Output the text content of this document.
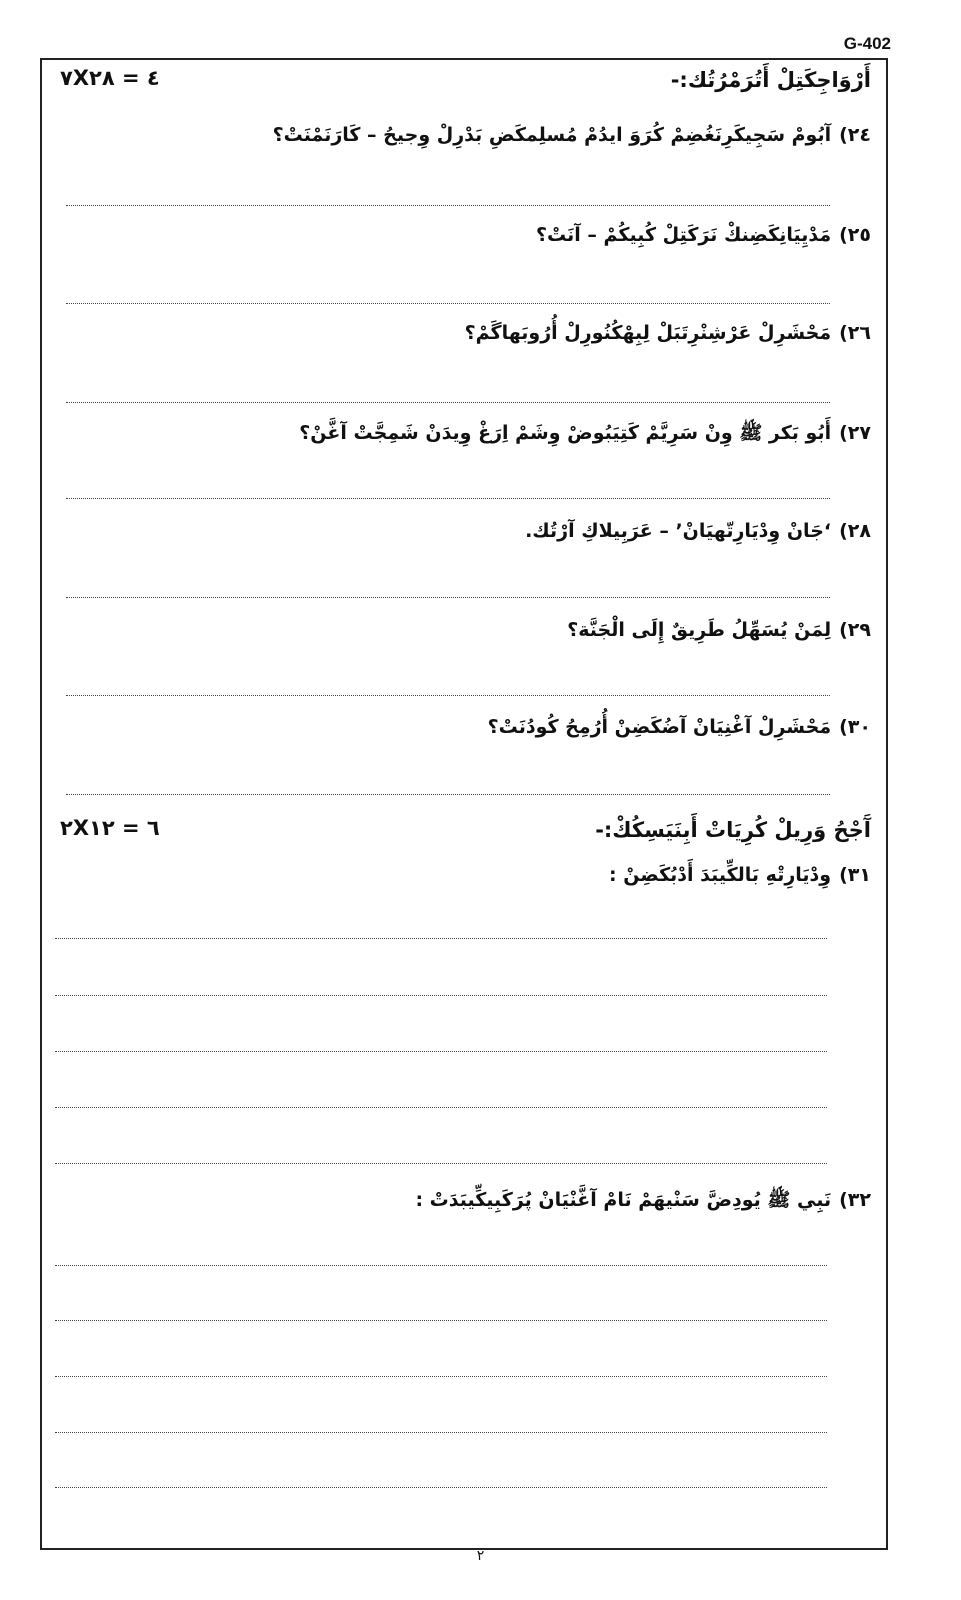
G-402
٧X٤ = ٢٨	أَرْوَاجِكَتِلْ أَتُرَمْرُتُك:-
٢٤)آبُومْ سَجِيكَرِنَغُضِمْ كُرَوَ ايدُمْ مُسلِمكَضِ بَدْرِلْ وِجيحُ – كَارَنَمْنَتْ؟
٢٥)مَدْيِيَانِكَضِنكْ نَرَكَتِلْ كُبِيكُمْ – آنَتْ؟
٢٦)مَحْشَرِلْ عَرْشِنْرِتَبَلْ لِبِهْكُنُورِلْ أُرُوبَهاگَمْ؟
٢٧)أَبُو بَكر ﷺ وِنْ سَرِيَّمْ كَتِيَبُوضْ وِشَمْ اِرَغْ وِيدَنْ شَمِجَّتْ آغَّنْ؟
٢٨)‘جَانْ وِدْيَارِتّهيَانْ’ – عَرَبِيلاكِ آرْتُك.
٢٩)لِمَنْ يُسَهِّلُ طَرِيقٌ إِلَى الْجَنَّة؟
٣٠)مَحْشَرِلْ آغْنِيَانْ آضُكَضِنْ أُرُمِحُ كُودُنَتْ؟
٢X٦ = ١٢	آَجْحُ وَرِيلْ كُرِيَاتْ أَبِنَيَسِكُكْ:-
٣١)وِدْيَارِتْهِ بَالكِّيبَدَ أَدْبُكَضِنْ :
٣٢)نَبِي ﷺ يُودِضَّ سَنْيهَمْ نَامْ آغَّنْيَانْ پُرَكَبِيكِّيبَدَتْ :
٢
